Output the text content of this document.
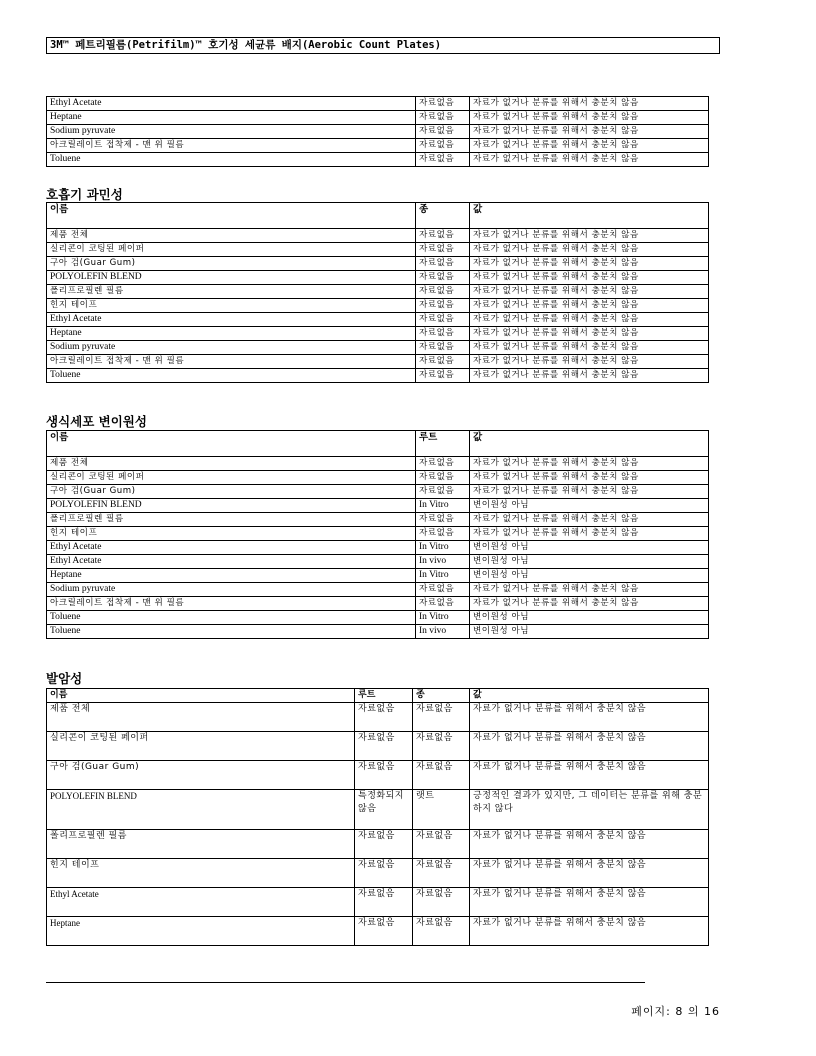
3M™ 페트리필름(Petrifilm)™ 호기성 세균류 배지(Aerobic Count Plates)
Ethyl Acetate	자료없음	자료가 없거나 분류를 위해서 충분치 않음
Heptane	자료없음	자료가 없거나 분류를 위해서 충분치 않음
Sodium pyruvate	자료없음	자료가 없거나 분류를 위해서 충분치 않음
아크릴레이트 접착제 - 맨 위 필름	자료없음	자료가 없거나 분류를 위해서 충분치 않음
Toluene	자료없음	자료가 없거나 분류를 위해서 충분치 않음
호흡기 과민성
이름	종	값
제품 전체	자료없음	자료가 없거나 분류를 위해서 충분치 않음
실리콘이 코팅된 페이퍼	자료없음	자료가 없거나 분류를 위해서 충분치 않음
구아 검(Guar Gum)	자료없음	자료가 없거나 분류를 위해서 충분치 않음
POLYOLEFIN BLEND	자료없음	자료가 없거나 분류를 위해서 충분치 않음
폴리프로필렌 필름	자료없음	자료가 없거나 분류를 위해서 충분치 않음
힌지 테이프	자료없음	자료가 없거나 분류를 위해서 충분치 않음
Ethyl Acetate	자료없음	자료가 없거나 분류를 위해서 충분치 않음
Heptane	자료없음	자료가 없거나 분류를 위해서 충분치 않음
Sodium pyruvate	자료없음	자료가 없거나 분류를 위해서 충분치 않음
아크릴레이트 접착제 - 맨 위 필름	자료없음	자료가 없거나 분류를 위해서 충분치 않음
Toluene	자료없음	자료가 없거나 분류를 위해서 충분치 않음
생식세포 변이원성
이름	루트	값
제품 전체	자료없음	자료가 없거나 분류를 위해서 충분치 않음
실리콘이 코팅된 페이퍼	자료없음	자료가 없거나 분류를 위해서 충분치 않음
구아 검(Guar Gum)	자료없음	자료가 없거나 분류를 위해서 충분치 않음
POLYOLEFIN BLEND	In Vitro	변이원성 아님
폴리프로필렌 필름	자료없음	자료가 없거나 분류를 위해서 충분치 않음
힌지 테이프	자료없음	자료가 없거나 분류를 위해서 충분치 않음
Ethyl Acetate	In Vitro	변이원성 아님
Ethyl Acetate	In vivo	변이원성 아님
Heptane	In Vitro	변이원성 아님
Sodium pyruvate	자료없음	자료가 없거나 분류를 위해서 충분치 않음
아크릴레이트 접착제 - 맨 위 필름	자료없음	자료가 없거나 분류를 위해서 충분치 않음
Toluene	In Vitro	변이원성 아님
Toluene	In vivo	변이원성 아님
발암성
이름	루트	종	값
제품 전체	자료없음	자료없음	자료가 없거나 분류를 위해서 충분치 않음
실리콘이 코팅된 페이퍼	자료없음	자료없음	자료가 없거나 분류를 위해서 충분치 않음
구아 검(Guar Gum)	자료없음	자료없음	자료가 없거나 분류를 위해서 충분치 않음
POLYOLEFIN BLEND	특정화되지 않음	랫트	긍정적인 결과가 있지만, 그 데이터는 분류를 위해 충분하지 않다
폴리프로필렌 필름	자료없음	자료없음	자료가 없거나 분류를 위해서 충분치 않음
힌지 테이프	자료없음	자료없음	자료가 없거나 분류를 위해서 충분치 않음
Ethyl Acetate	자료없음	자료없음	자료가 없거나 분류를 위해서 충분치 않음
Heptane	자료없음	자료없음	자료가 없거나 분류를 위해서 충분치 않음
페이지: 8 의 16
